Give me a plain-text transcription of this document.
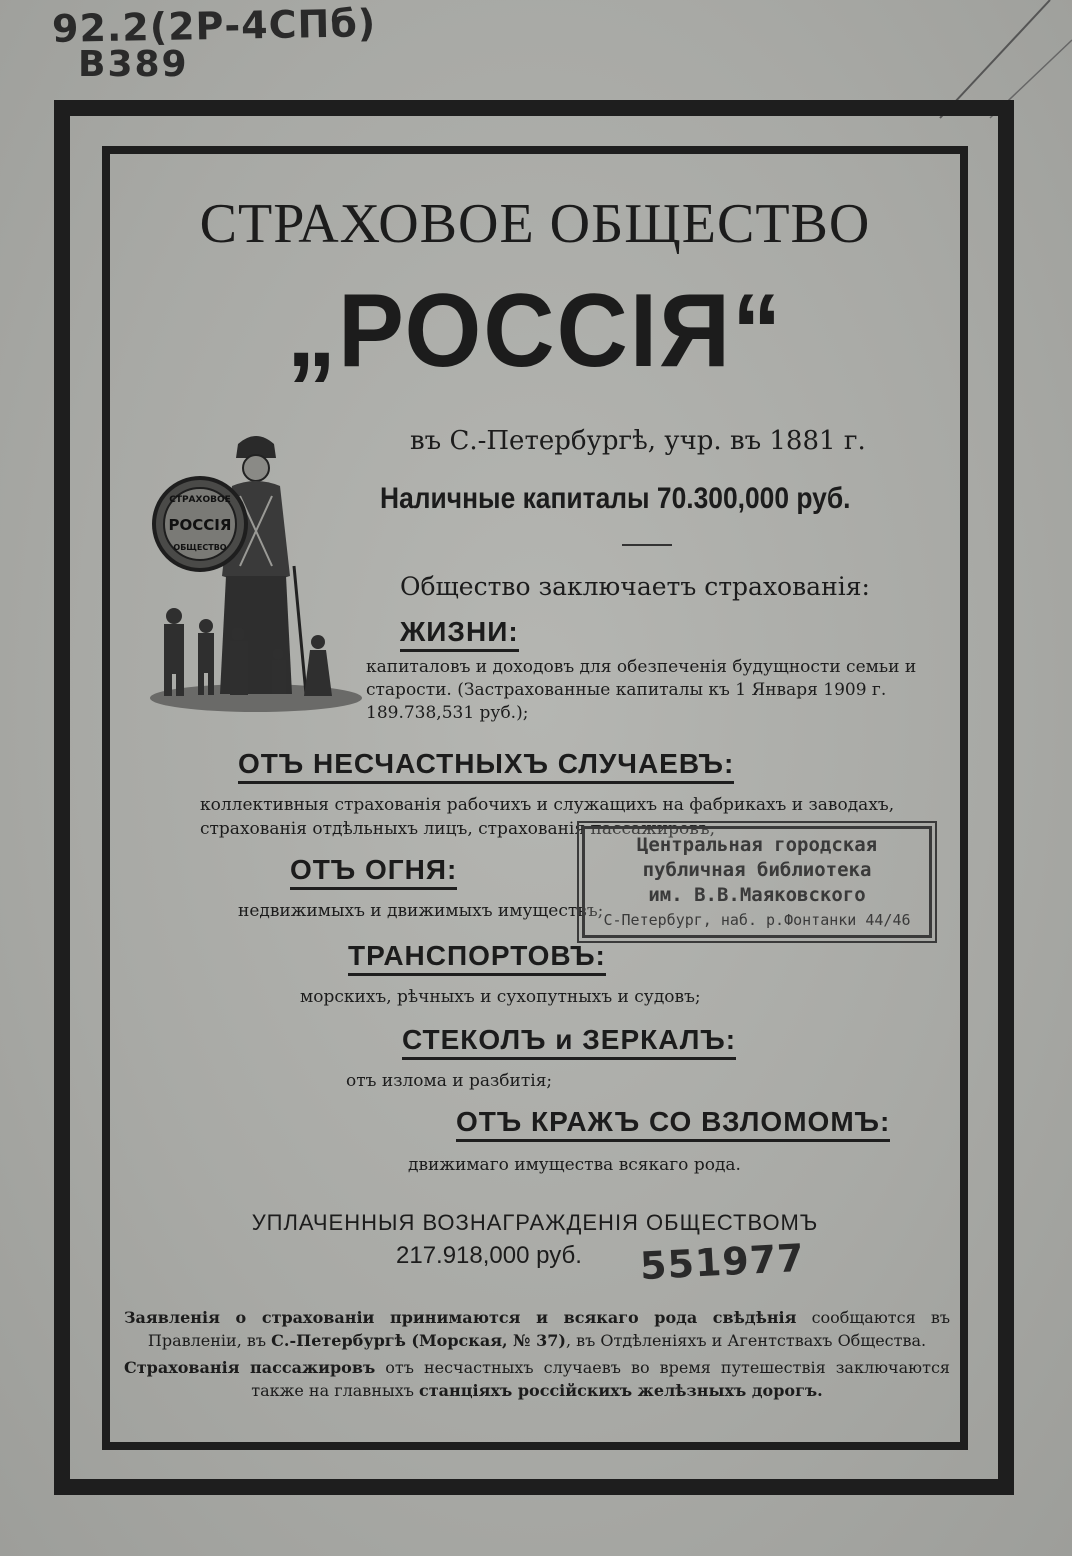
92.2(2Р-4СПб)
В389
СТРАХОВОЕ ОБЩЕСТВО
„РОССІЯ“
СТРАХОВОЕ
РОССІЯ
ОБЩЕСТВО
въ С.-Петербургѣ, учр. въ 1881 г.
Наличные капиталы 70.300,000 руб.
Общество заключаетъ страхованія:
ЖИЗНИ:
капиталовъ и доходовъ для обезпеченія будущности семьи и старости. (Застрахованные капиталы къ 1 Января 1909 г. 189.738,531 руб.);
ОТЪ НЕСЧАСТНЫХЪ СЛУЧАЕВЪ:
коллективныя страхованія рабочихъ и служащихъ на фабрикахъ и заводахъ,
страхованія отдѣльныхъ лицъ, страхованія пассажировъ;
ОТЪ ОГНЯ:
недвижимыхъ и движимыхъ имуществъ;
ТРАНСПОРТОВЪ:
морскихъ, рѣчныхъ и сухопутныхъ и судовъ;
СТЕКОЛЪ и ЗЕРКАЛЪ:
отъ излома и разбитія;
ОТЪ КРАЖЪ СО ВЗЛОМОМЪ:
движимаго имущества всякаго рода.
УПЛАЧЕННЫЯ ВОЗНАГРАЖДЕНІЯ ОБЩЕСТВОМЪ
217.918,000 руб.
Заявленія о страхованіи принимаются и всякаго рода свѣдѣнія сообщаются въ Правленіи, въ С.-Петербургѣ (Морская, № 37), въ Отдѣленіяхъ и Агентствахъ Общества.
Страхованія пассажировъ отъ несчастныхъ случаевъ во время путешествія заключаются также на главныхъ станціяхъ россійскихъ желѣзныхъ дорогъ.
Центральная городская
публичная библиотека
им. В.В.Маяковского
С-Петербург, наб. р.Фонтанки 44/46
551977
